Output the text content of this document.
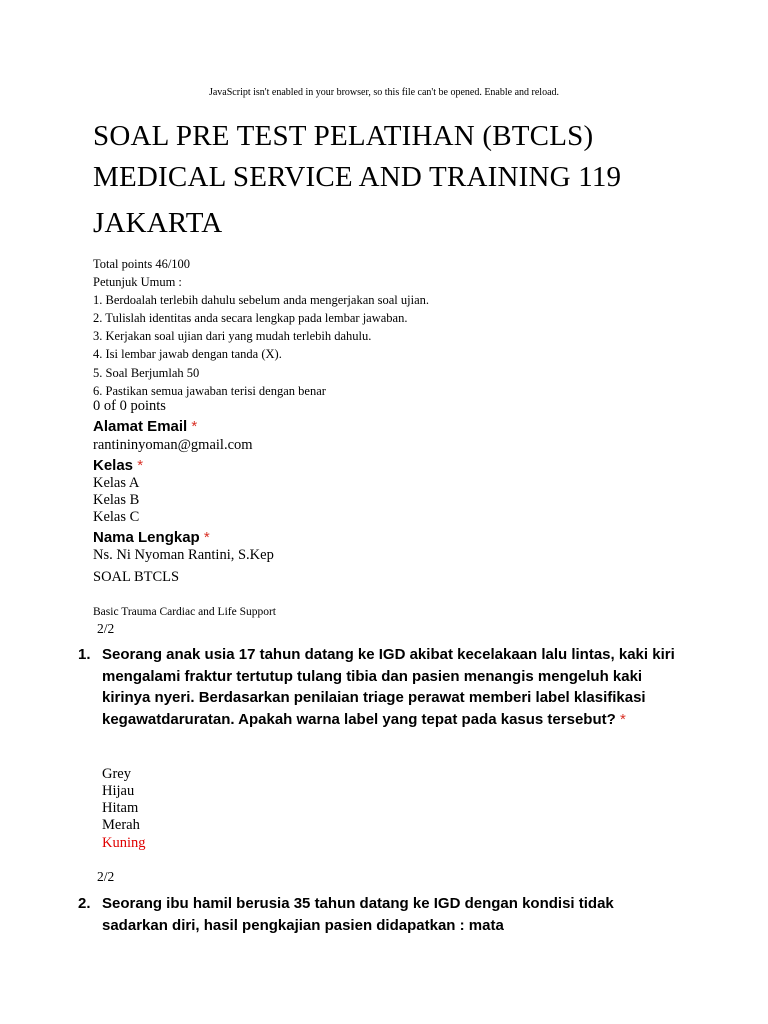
JavaScript isn't enabled in your browser, so this file can't be opened. Enable and reload.
SOAL PRE TEST PELATIHAN (BTCLS)
MEDICAL SERVICE AND TRAINING 119
JAKARTA
Total points 46/100
Petunjuk Umum :
1. Berdoalah terlebih dahulu sebelum anda mengerjakan soal ujian.
2. Tulislah identitas anda secara lengkap pada lembar jawaban.
3. Kerjakan soal ujian dari yang mudah terlebih dahulu.
4. Isi lembar jawab dengan tanda (X).
5. Soal Berjumlah 50
6. Pastikan semua jawaban terisi dengan benar
0 of 0 points
Alamat Email *
rantininyoman@gmail.com
Kelas *
Kelas A
Kelas B
Kelas C
Nama Lengkap *
Ns. Ni Nyoman Rantini, S.Kep
SOAL BTCLS
Basic Trauma Cardiac and Life Support
2/2
1. Seorang anak usia 17 tahun datang ke IGD akibat kecelakaan lalu lintas, kaki kiri mengalami fraktur tertutup tulang tibia dan pasien menangis mengeluh kaki kirinya nyeri. Berdasarkan penilaian triage perawat memberi label klasifikasi kegawatdaruratan. Apakah warna label yang tepat pada kasus tersebut? *
Grey
Hijau
Hitam
Merah
Kuning
2/2
2. Seorang ibu hamil berusia 35 tahun datang ke IGD dengan kondisi tidak sadarkan diri, hasil pengkajian pasien didapatkan : mata
